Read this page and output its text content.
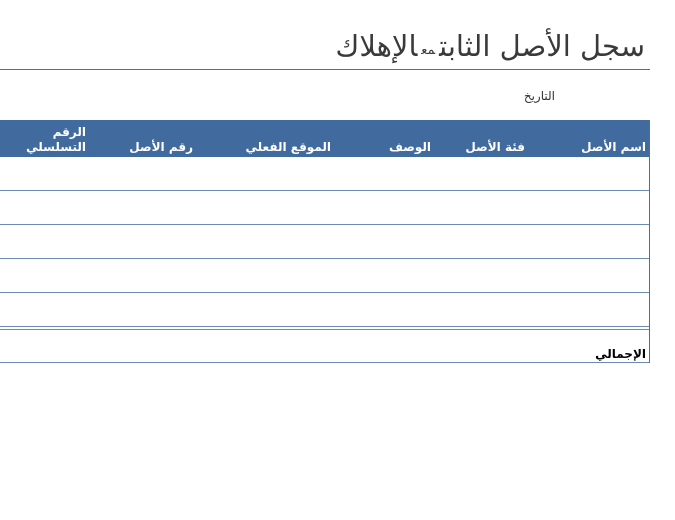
سجل الأصل الثابتمعالإهلاك
التاريخ
اسم الأصل
فئة الأصل
الوصف
الموقع الفعلي
رقم الأصل
الرقم التسلسلي
الإجمالي
